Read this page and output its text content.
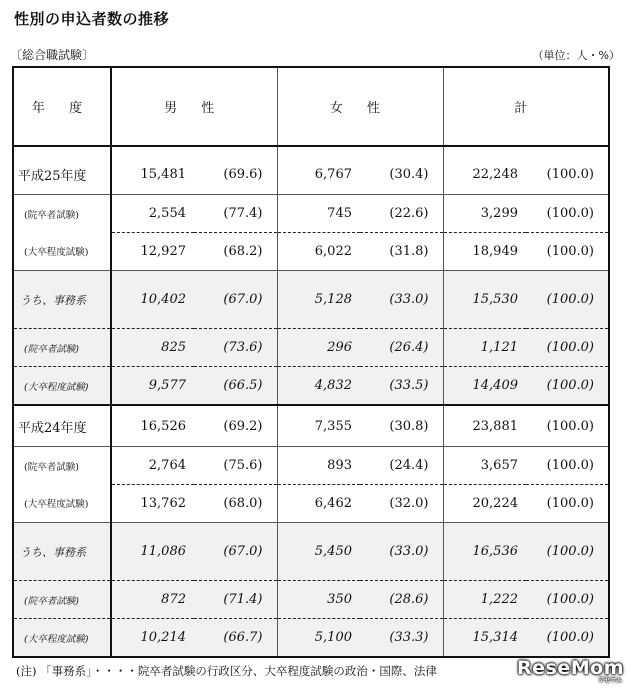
性別の申込者数の推移
〔総合職試験〕	（単位：人・%）
年 度	男 性		女 性		計	

平成25年度	15,481	(69.6)	6,767	(30.4)	22,248	(100.0)
(院卒者試験)	2,554	(77.4)	745	(22.6)	3,299	(100.0)
(大卒程度試験)	12,927	(68.2)	6,022	(31.8)	18,949	(100.0)
うち、事務系	10,402	(67.0)	5,128	(33.0)	15,530	(100.0)
(院卒者試験)	825	(73.6)	296	(26.4)	1,121	(100.0)
(大卒程度試験)	9,577	(66.5)	4,832	(33.5)	14,409	(100.0)
平成24年度	16,526	(69.2)	7,355	(30.8)	23,881	(100.0)
(院卒者試験)	2,764	(75.6)	893	(24.4)	3,657	(100.0)
(大卒程度試験)	13,762	(68.0)	6,462	(32.0)	20,224	(100.0)
うち、事務系	11,086	(67.0)	5,450	(33.0)	16,536	(100.0)
(院卒者試験)	872	(71.4)	350	(28.6)	1,222	(100.0)
(大卒程度試験)	10,214	(66.7)	5,100	(33.3)	15,314	(100.0)
(注) 「事務系」・・・・院卒者試験の行政区分、大卒程度試験の政治・国際、法律	ReseMom
リセマム
